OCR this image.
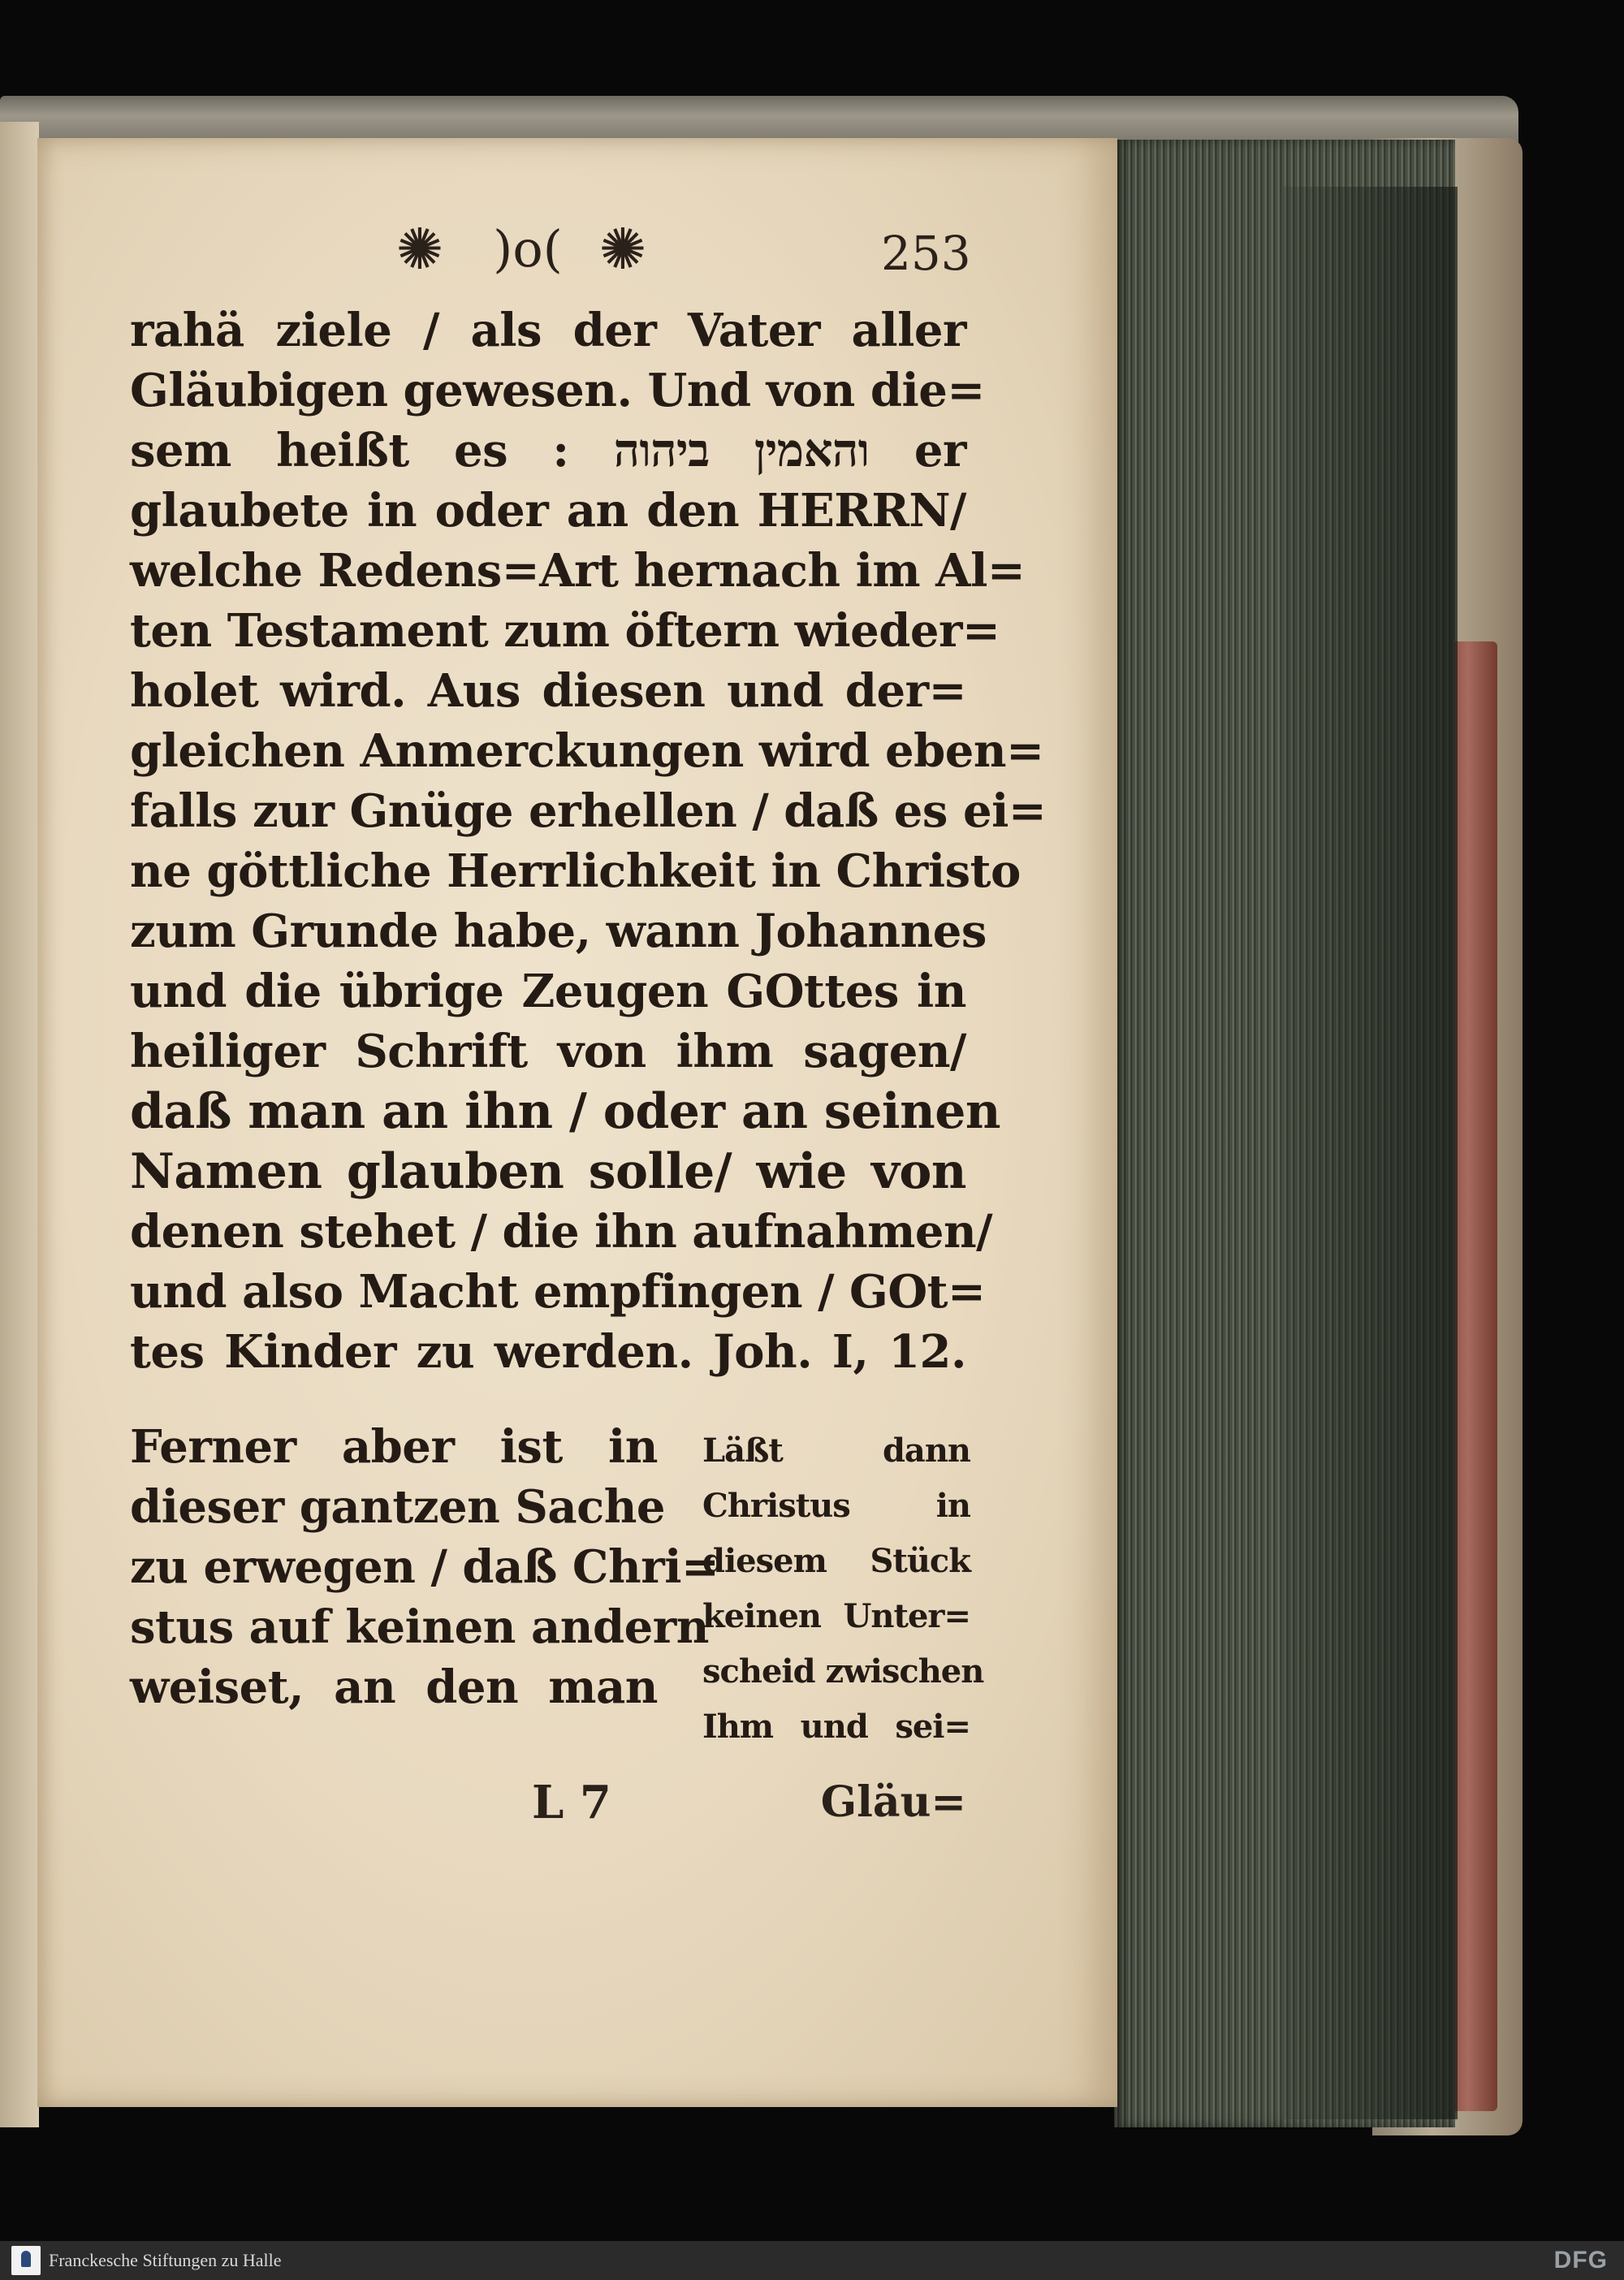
✺ )o( ✺	253
rahä ziele / als der Vater aller
Gläubigen gewesen. Und von die=
sem heißt es : והאמין ביהוה er
glaubete in oder an den HERRN/
welche Redens=Art hernach im Al=
ten Testament zum öftern wieder=
holet wird. Aus diesen und der=
gleichen Anmerckungen wird eben=
falls zur Gnüge erhellen / daß es ei=
ne göttliche Herrlichkeit in Christo
zum Grunde habe, wann Johannes
und die übrige Zeugen GOttes in
heiliger Schrift von ihm sagen/
daß man an ihn / oder an seinen
Namen glauben solle/ wie von
denen stehet / die ihn aufnahmen/
und also Macht empfingen / GOt=
tes Kinder zu werden. Joh. I, 12.
Ferner aber ist in
dieser gantzen Sache
zu erwegen / daß Chri=
stus auf keinen andern
weiset, an den man
Läßt dann
Christus in
diesem Stück
keinen Unter=
scheid zwischen
Ihm und sei=
L 7	Gläu=
Franckesche Stiftungen zu Halle	DFG
